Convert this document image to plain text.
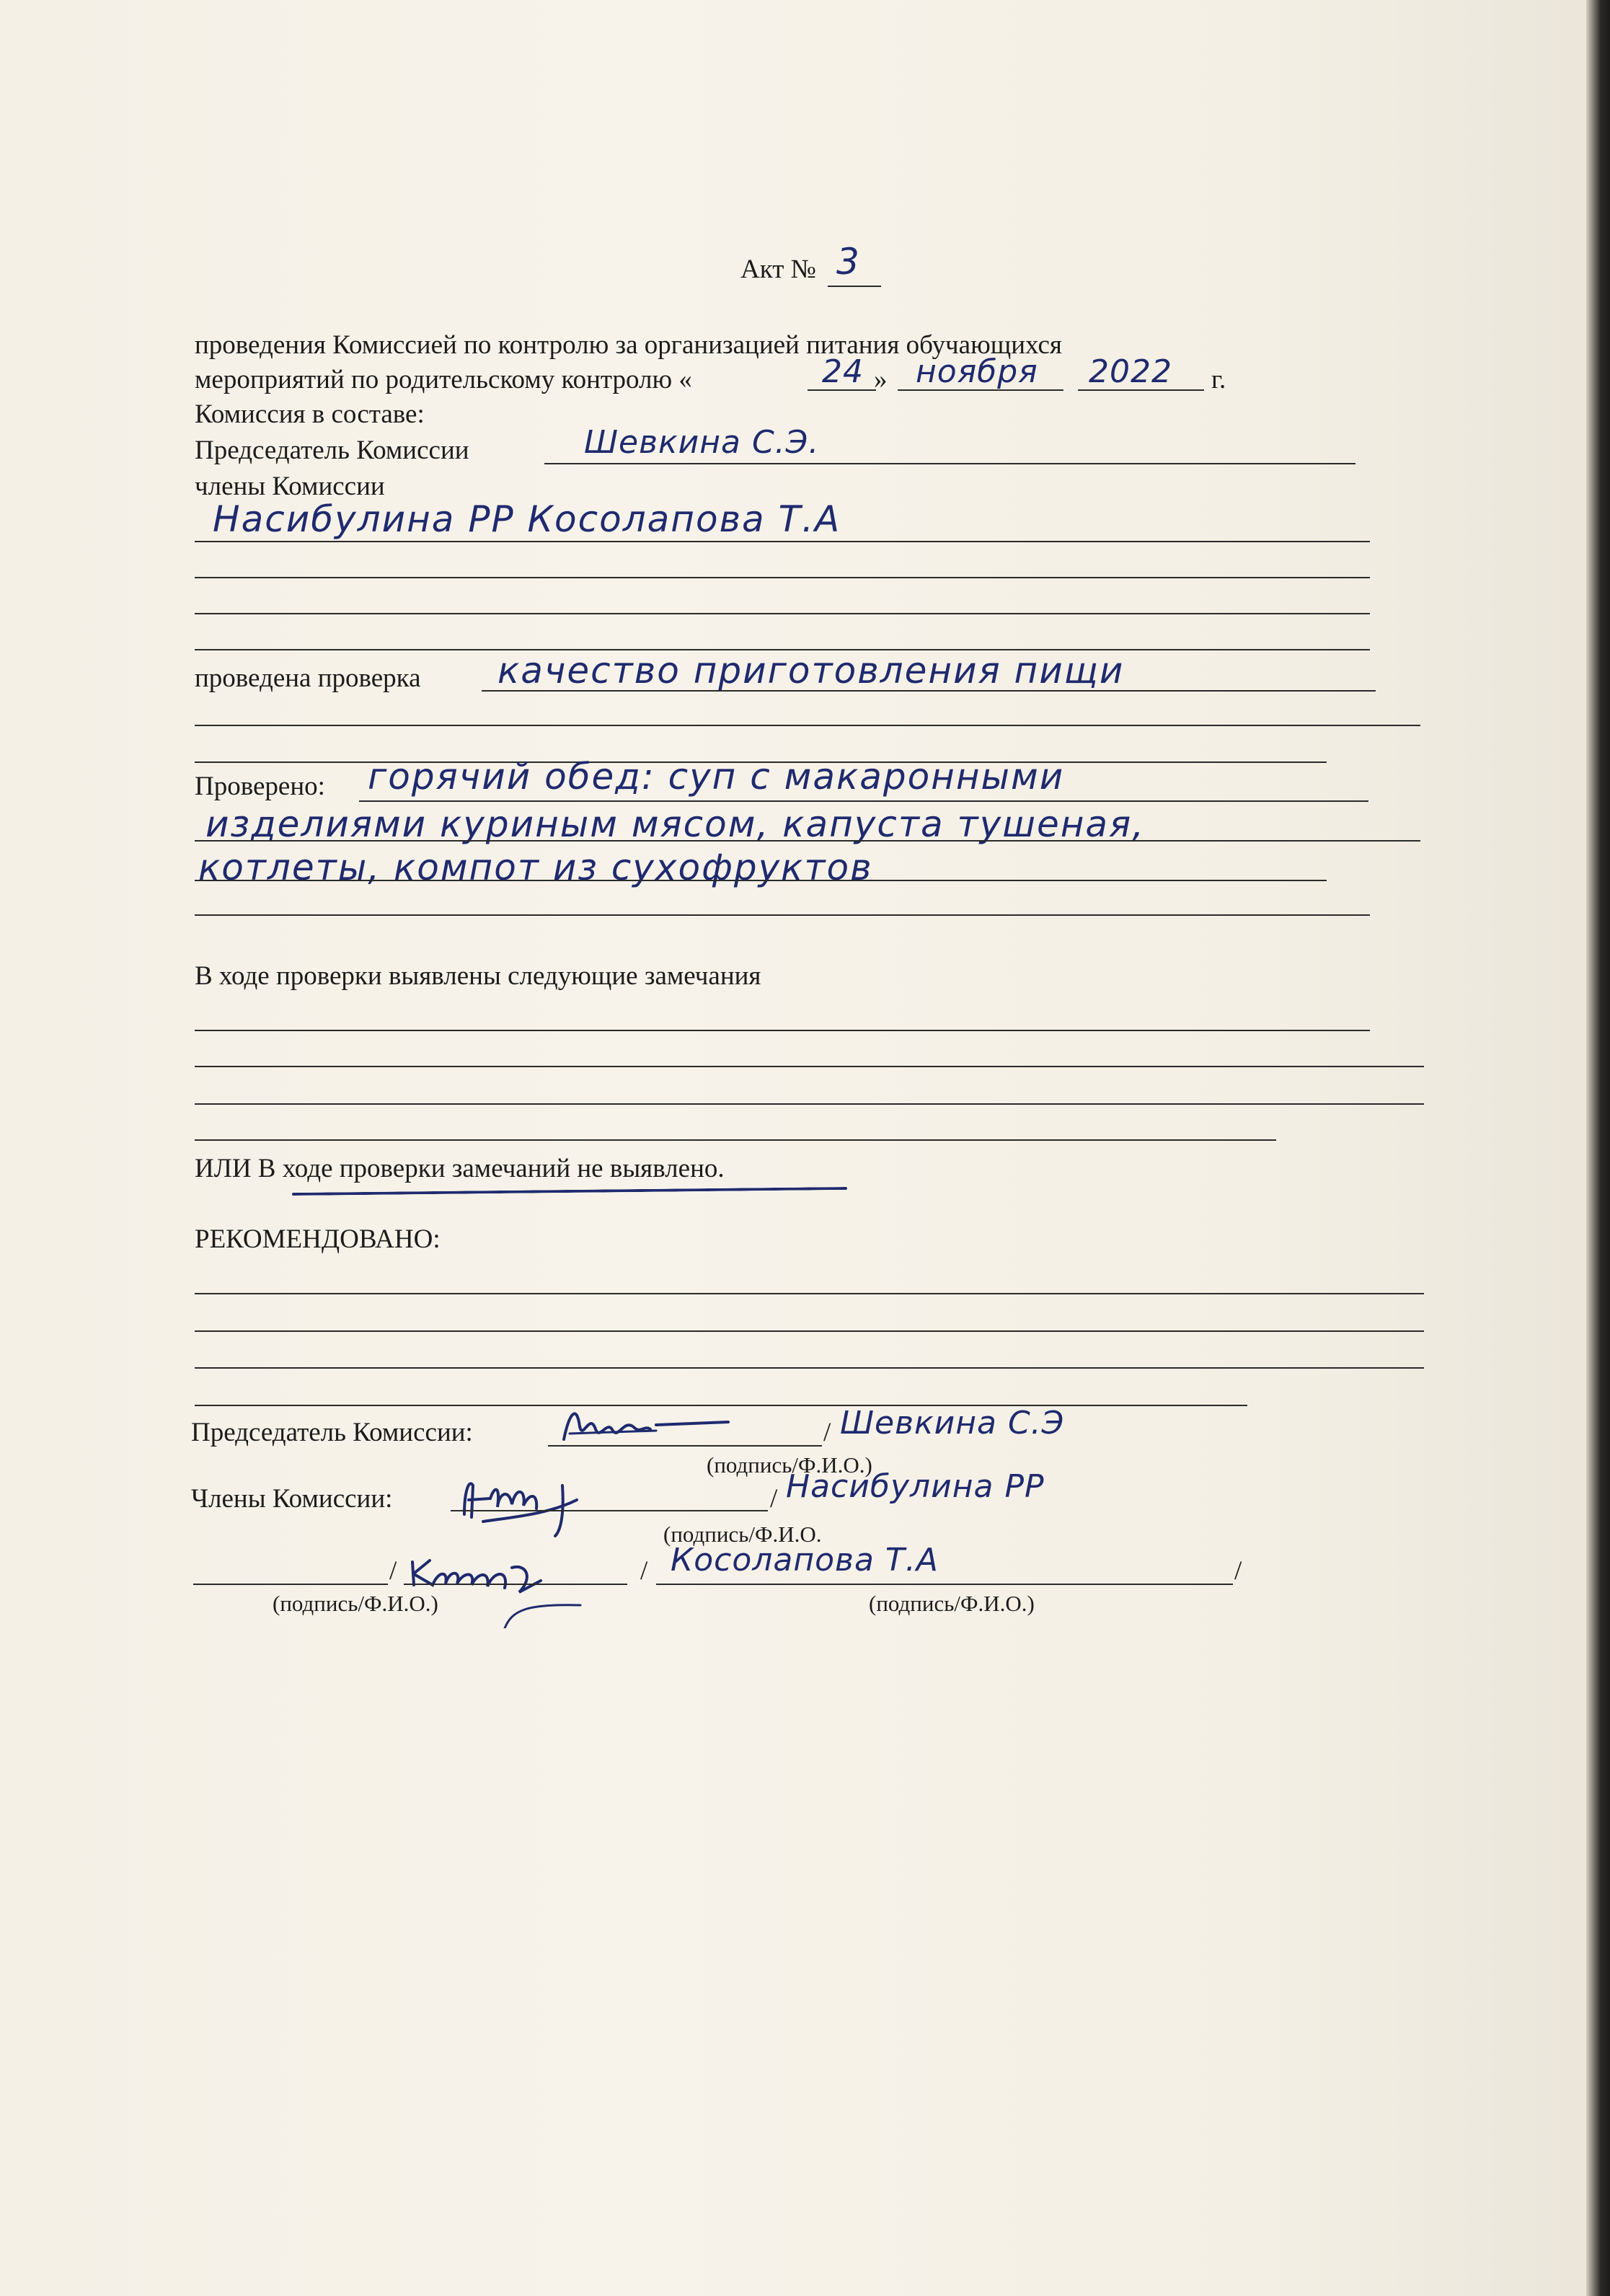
Акт № 3
проведения Комиссией по контролю за организацией питания обучающихся
мероприятий по родительскому контролю «	24 » ноября 2022 г.
Комиссия в составе:
Председатель Комиссии	Шевкина С.Э.
члены Комиссии
Насибулина РР Косолапова Т.А
проведена проверка качество приготовления пищи
Проверено: горячий обед: суп с макаронными
изделиями куриным мясом, капуста тушеная,
котлеты, компот из сухофруктов
В ходе проверки выявлены следующие замечания
ИЛИ В ходе проверки замечаний не выявлено.
РЕКОМЕНДОВАНО:
Председатель Комиссии:	/ Шевкина С.Э
(подпись/Ф.И.О.)
Члены Комиссии:	/ Насибулина РР
(подпись/Ф.И.О.
/	/ Косолапова Т.А	/
(подпись/Ф.И.О.)	(подпись/Ф.И.О.)
